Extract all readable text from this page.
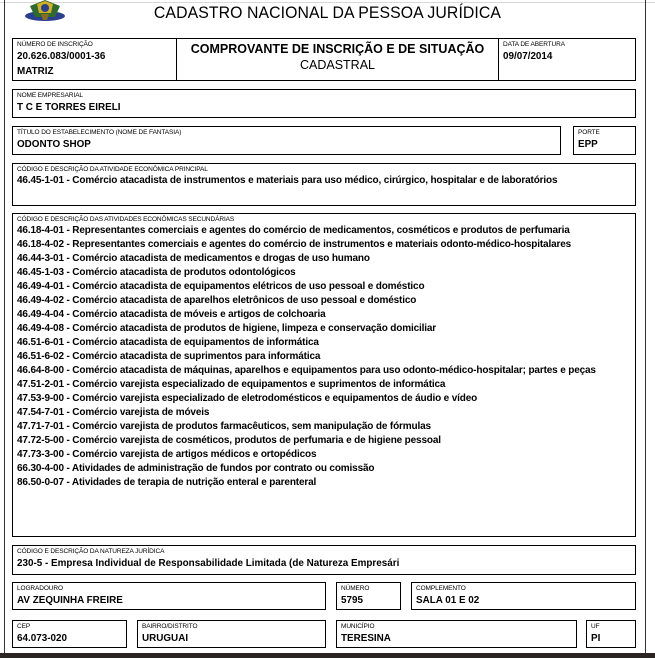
CADASTRO NACIONAL DA PESSOA JURÍDICA
NÚMERO DE INSCRIÇÃO
20.626.083/0001-36
MATRIZ
COMPROVANTE DE INSCRIÇÃO E DE SITUAÇÃO
CADASTRAL
DATA DE ABERTURA
09/07/2014
NOME EMPRESARIAL
T C E TORRES EIRELI
TÍTULO DO ESTABELECIMENTO (NOME DE FANTASIA)
ODONTO SHOP
PORTE
EPP
CÓDIGO E DESCRIÇÃO DA ATIVIDADE ECONÔMICA PRINCIPAL
46.45-1-01 - Comércio atacadista de instrumentos e materiais para uso médico, cirúrgico, hospitalar e de laboratórios
CÓDIGO E DESCRIÇÃO DAS ATIVIDADES ECONÔMICAS SECUNDÁRIAS
46.18-4-01 - Representantes comerciais e agentes do comércio de medicamentos, cosméticos e produtos de perfumaria
46.18-4-02 - Representantes comerciais e agentes do comércio de instrumentos e materiais odonto-médico-hospitalares
46.44-3-01 - Comércio atacadista de medicamentos e drogas de uso humano
46.45-1-03 - Comércio atacadista de produtos odontológicos
46.49-4-01 - Comércio atacadista de equipamentos elétricos de uso pessoal e doméstico
46.49-4-02 - Comércio atacadista de aparelhos eletrônicos de uso pessoal e doméstico
46.49-4-04 - Comércio atacadista de móveis e artigos de colchoaria
46.49-4-08 - Comércio atacadista de produtos de higiene, limpeza e conservação domiciliar
46.51-6-01 - Comércio atacadista de equipamentos de informática
46.51-6-02 - Comércio atacadista de suprimentos para informática
46.64-8-00 - Comércio atacadista de máquinas, aparelhos e equipamentos para uso odonto-médico-hospitalar; partes e peças
47.51-2-01 - Comércio varejista especializado de equipamentos e suprimentos de informática
47.53-9-00 - Comércio varejista especializado de eletrodomésticos e equipamentos de áudio e vídeo
47.54-7-01 - Comércio varejista de móveis
47.71-7-01 - Comércio varejista de produtos farmacêuticos, sem manipulação de fórmulas
47.72-5-00 - Comércio varejista de cosméticos, produtos de perfumaria e de higiene pessoal
47.73-3-00 - Comércio varejista de artigos médicos e ortopédicos
66.30-4-00 - Atividades de administração de fundos por contrato ou comissão
86.50-0-07 - Atividades de terapia de nutrição enteral e parenteral
CÓDIGO E DESCRIÇÃO DA NATUREZA JURÍDICA
230-5 - Empresa Individual de Responsabilidade Limitada (de Natureza Empresári
LOGRADOURO
AV ZEQUINHA FREIRE
NÚMERO
5795
COMPLEMENTO
SALA 01 E 02
CEP
64.073-020
BAIRRO/DISTRITO
URUGUAI
MUNICÍPIO
TERESINA
UF
PI
